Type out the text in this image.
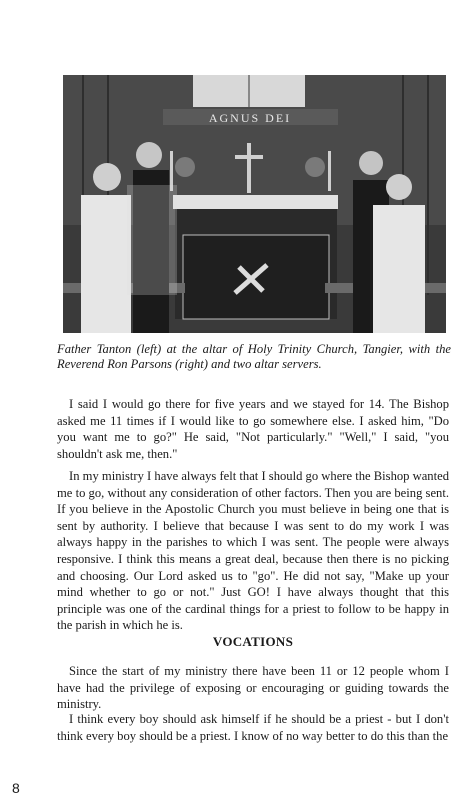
AGNUS DEI
Father Tanton (left) at the altar of Holy Trinity Church, Tangier, with the Reverend Ron Parsons (right) and two altar servers.

I said I would go there for five years and we stayed for 14. The Bishop asked me 11 times if I would like to go somewhere else. I asked him, "Do you want me to go?" He said, "Not particularly." "Well," I said, "you shouldn't ask me, then."

In my ministry I have always felt that I should go where the Bishop wanted me to go, without any consideration of other factors. Then you are being sent. If you believe in the Apostolic Church you must believe in being one that is sent by authority. I believe that because I was sent to do my work I was always happy in the parishes to which I was sent. The people were always responsive. I think this means a great deal, because then there is no picking and choosing. Our Lord asked us to "go". He did not say, "Make up your mind whether to go or not." Just GO! I have always thought that this principle was one of the cardinal things for a priest to follow to be happy in the parish in which he is.

VOCATIONS

Since the start of my ministry there have been 11 or 12 people whom I have had the privilege of exposing or encouraging or guiding towards the ministry.

I think every boy should ask himself if he should be a priest - but I don't think every boy should be a priest. I know of no way better to do this than the

8
